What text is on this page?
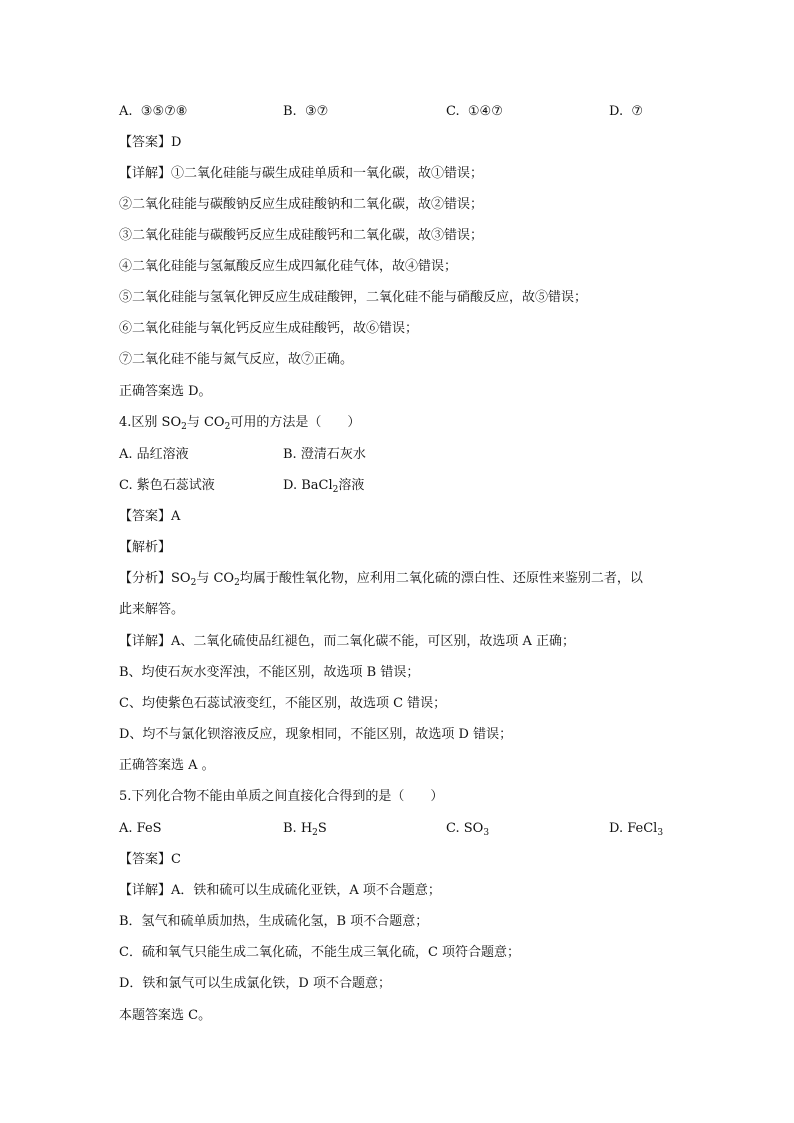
A. ③⑤⑦⑧	B. ③⑦	C. ①④⑦	D. ⑦
【答案】D
【详解】①二氧化硅能与碳生成硅单质和一氧化碳，故①错误；
②二氧化硅能与碳酸钠反应生成硅酸钠和二氧化碳，故②错误；
③二氧化硅能与碳酸钙反应生成硅酸钙和二氧化碳，故③错误；
④二氧化硅能与氢氟酸反应生成四氟化硅气体，故④错误；
⑤二氧化硅能与氢氧化钾反应生成硅酸钾，二氧化硅不能与硝酸反应，故⑤错误；
⑥二氧化硅能与氧化钙反应生成硅酸钙，故⑥错误；
⑦二氧化硅不能与氮气反应，故⑦正确。
正确答案选 D。
4.区别 $SO_2$与 $CO_2$可用的方法是（　　）
A. 品红溶液	B. 澄清石灰水
C. 紫色石蕊试液	D. BaCl$_2$溶液
【答案】A
【解析】
【分析】$SO_2$与 $CO_2$均属于酸性氧化物，应利用二氧化硫的漂白性、还原性来鉴别二者，以
此来解答。
【详解】A、二氧化硫使品红褪色，而二氧化碳不能，可区别，故选项 A 正确；
B、均使石灰水变浑浊，不能区别，故选项 B 错误；
C、均使紫色石蕊试液变红，不能区别，故选项 C 错误；
D、均不与氯化钡溶液反应，现象相同，不能区别，故选项 D 错误；
正确答案选 A 。
5.下列化合物不能由单质之间直接化合得到的是（　　）
A. FeS	B. $H_2S$	C. $SO_3$	D. FeCl$_3$
【答案】C
【详解】A．铁和硫可以生成硫化亚铁，A 项不合题意；
B．氢气和硫单质加热，生成硫化氢，B 项不合题意；
C．硫和氧气只能生成二氧化硫，不能生成三氧化硫，C 项符合题意；
D．铁和氯气可以生成氯化铁，D 项不合题意；
本题答案选 C。
